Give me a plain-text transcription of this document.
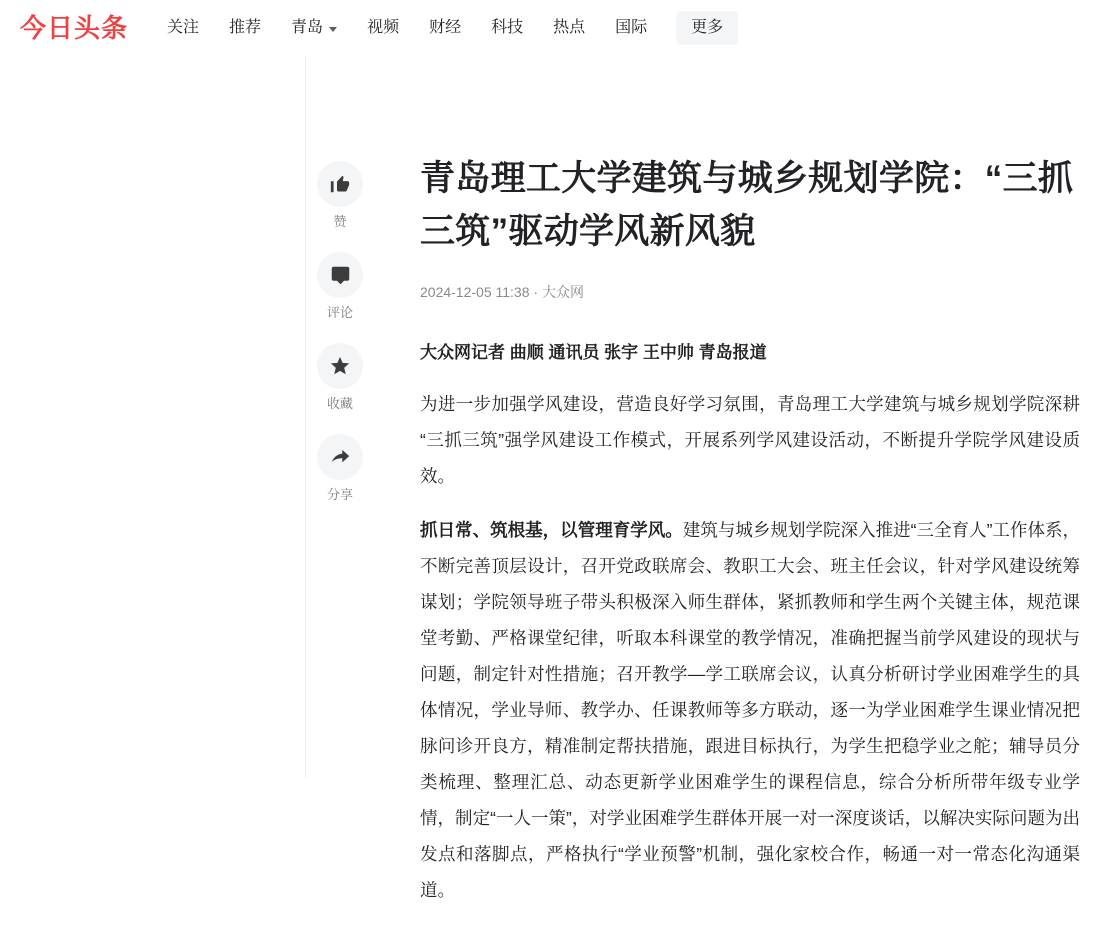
今日头条 关注 推荐 青岛	视频 财经 科技 热点 国际	更多
赞
评论
收藏
分享
青岛理工大学建筑与城乡规划学院：“三抓三筑”驱动学风新风貌
2024-12-05 11:38 · 大众网
大众网记者 曲顺 通讯员 张宇 王中帅 青岛报道

为进一步加强学风建设，营造良好学习氛围，青岛理工大学建筑与城乡规划学院深耕“三抓三筑”强学风建设工作模式，开展系列学风建设活动，不断提升学院学风建设质效。

抓日常、筑根基，以管理育学风。建筑与城乡规划学院深入推进“三全育人”工作体系，不断完善顶层设计，召开党政联席会、教职工大会、班主任会议，针对学风建设统筹谋划；学院领导班子带头积极深入师生群体，紧抓教师和学生两个关键主体，规范课堂考勤、严格课堂纪律，听取本科课堂的教学情况，准确把握当前学风建设的现状与问题，制定针对性措施；召开教学—学工联席会议，认真分析研讨学业困难学生的具体情况，学业导师、教学办、任课教师等多方联动，逐一为学业困难学生课业情况把脉问诊开良方，精准制定帮扶措施，跟进目标执行，为学生把稳学业之舵；辅导员分类梳理、整理汇总、动态更新学业困难学生的课程信息，综合分析所带年级专业学情，制定“一人一策”，对学业困难学生群体开展一对一深度谈话，以解决实际问题为出发点和落脚点，严格执行“学业预警”机制，强化家校合作，畅通一对一常态化沟通渠道。
